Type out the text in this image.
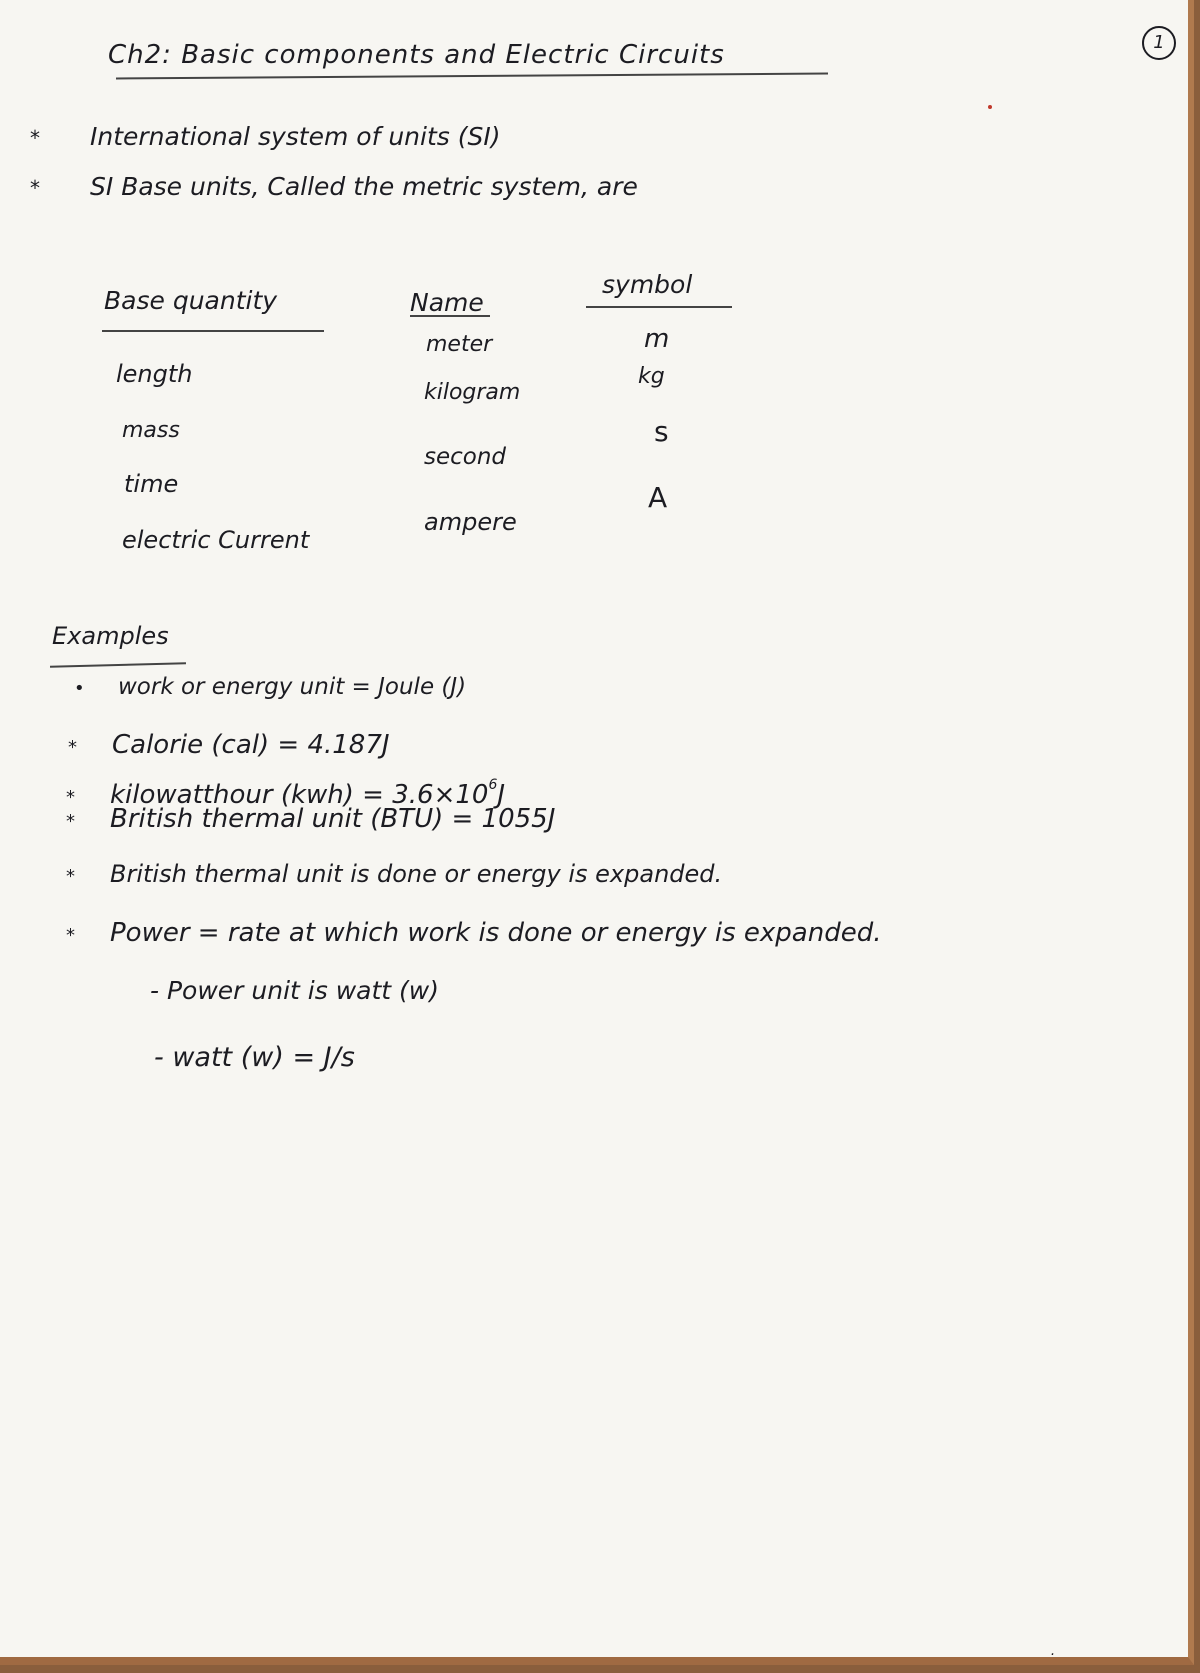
Ch2: Basic components and Electric Circuits	1
* International system of units (SI)
* SI Base units, Called the metric system, are
Base quantity	Name
symbol
length
mass
time
electric Current
meter
kilogram
second
ampere
m
kg
s
A
Examples
• work or energy unit = Joule (J)
* Calorie (cal) = 4.187J
* kilowatthour $(kwh) = 3.6\times 10^6J$
* British thermal unit (BTU) = 1055J
* British thermal unit is done or energy is expanded.
* Power = rate at which work is done or energy is expanded.
- Power unit is watt (w)
- watt (w) = J/s
·
